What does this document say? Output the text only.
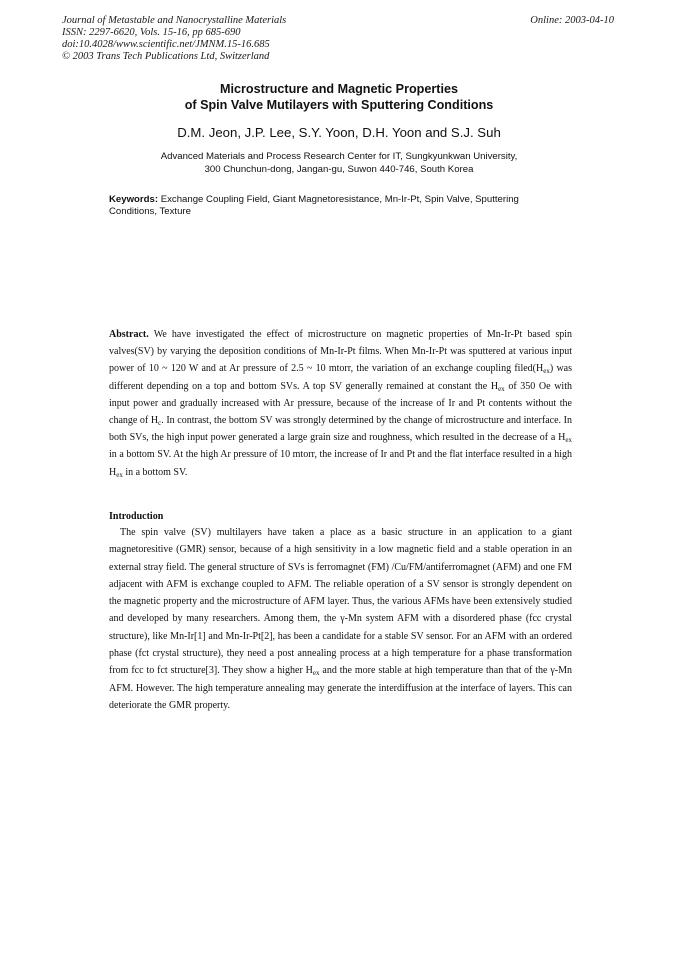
Journal of Metastable and Nanocrystalline Materials
ISSN: 2297-6620, Vols. 15-16, pp 685-690
doi:10.4028/www.scientific.net/JMNM.15-16.685
© 2003 Trans Tech Publications Ltd, Switzerland
Online: 2003-04-10
Microstructure and Magnetic Properties
of Spin Valve Mutilayers with Sputtering Conditions
D.M. Jeon, J.P. Lee, S.Y. Yoon, D.H. Yoon and S.J. Suh
Advanced Materials and Process Research Center for IT, Sungkyunkwan University,
300 Chunchun-dong, Jangan-gu, Suwon 440-746, South Korea
Keywords: Exchange Coupling Field, Giant Magnetoresistance, Mn-Ir-Pt, Spin Valve, Sputtering Conditions, Texture
Abstract. We have investigated the effect of microstructure on magnetic properties of Mn-Ir-Pt based spin valves(SV) by varying the deposition conditions of Mn-Ir-Pt films. When Mn-Ir-Pt was sputtered at various input power of 10 ~ 120 W and at Ar pressure of 2.5 ~ 10 mtorr, the variation of an exchange coupling $filed(H_{ex})$ was different depending on a top and bottom SVs. A top SV generally remained at constant the $H_{ex}$ of 350 Oe with input power and gradually increased with Ar pressure, because of the increase of Ir and Pt contents without the change of $H_c$. In contrast, the bottom SV was strongly determined by the change of microstructure and interface. In both SVs, the high input power generated a large grain size and roughness, which resulted in the decrease of a $H_{ex}$ in a bottom SV. At the high Ar pressure of 10 mtorr, the increase of Ir and Pt and the flat interface resulted in a high $H_{ex}$ in a bottom SV.
Introduction
The spin valve (SV) multilayers have taken a place as a basic structure in an application to a giant magnetoresitive (GMR) sensor, because of a high sensitivity in a low magnetic field and a stable operation in an external stray field. The general structure of SVs is ferromagnet (FM) /Cu/FM/antiferromagnet (AFM) and one FM adjacent with AFM is exchange coupled to AFM. The reliable operation of a SV sensor is strongly dependent on the magnetic property and the microstructure of AFM layer. Thus, the various AFMs have been extensively studied and developed by many researchers. Among them, the γ-Mn system AFM with a disordered phase (fcc crystal structure), like Mn-Ir[1] and Mn-Ir-Pt[2], has been a candidate for a stable SV sensor. For an AFM with an ordered phase (fct crystal structure), they need a post annealing process at a high temperature for a phase transformation from fcc to fct structure[3]. They show a higher $H_{ex}$ and the more stable at high temperature than that of the γ-Mn AFM. However. The high temperature annealing may generate the interdiffusion at the interface of layers. This can deteriorate the GMR property.
